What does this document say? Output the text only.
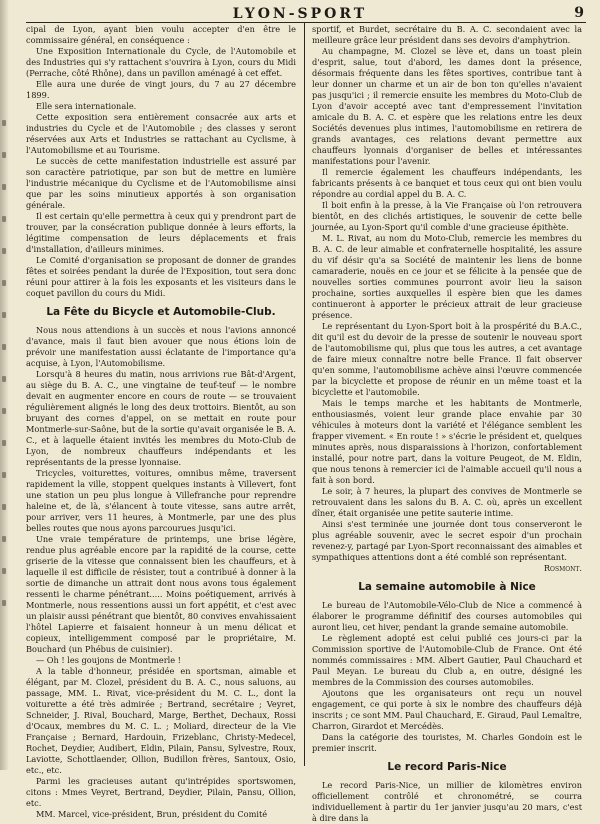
LYON-SPORT	9

cipal de Lyon, ayant bien voulu accepter d'en être le commissaire général, en conséquence :

Une Exposition Internationale du Cycle, de l'Automobile et des Industries qui s'y rattachent s'ouvrira à Lyon, cours du Midi (Perrache, côté Rhône), dans un pavillon aménagé à cet effet.

Elle aura une durée de vingt jours, du 7 au 27 décembre 1899.

Elle sera internationale.

Cette exposition sera entièrement consacrée aux arts et industries du Cycle et de l'Automobile ; des classes y seront réservées aux Arts et Industries se rattachant au Cyclisme, à l'Automobilisme et au Tourisme.

Le succès de cette manifestation industrielle est assuré par son caractère patriotique, par son but de mettre en lumière l'industrie mécanique du Cyclisme et de l'Automobilisme ainsi que par les soins minutieux apportés à son organisation générale.

Il est certain qu'elle permettra à ceux qui y prendront part de trouver, par la consécration publique donnée à leurs efforts, la légitime compensation de leurs déplacements et frais d'installation, d'ailleurs minimes.

Le Comité d'organisation se proposant de donner de grandes fêtes et soirées pendant la durée de l'Exposition, tout sera donc réuni pour attirer à la fois les exposants et les visiteurs dans le coquet pavillon du cours du Midi.

La Fête du Bicycle et Automobile-Club.

Nous nous attendions à un succès et nous l'avions annoncé d'avance, mais il faut bien avouer que nous étions loin de prévoir une manifestation aussi éclatante de l'importance qu'a acquise, à Lyon, l'Automobilisme.

Lorsqu'à 8 heures du matin, nous arrivions rue Bât-d'Argent, au siège du B. A. C., une vingtaine de teuf-teuf — le nombre devait en augmenter encore en cours de route — se trouvaient régulièrement alignés le long des deux trottoirs. Bientôt, au son bruyant des cornes d'appel, on se mettait en route pour Montmerle-sur-Saône, but de la sortie qu'avait organisée le B. A. C., et à laquelle étaient invités les membres du Moto-Club de Lyon, de nombreux chauffeurs indépendants et les représentants de la presse lyonnaise.

Tricycles, voiturettes, voitures, omnibus même, traversent rapidement la ville, stoppent quelques instants à Villevert, font une station un peu plus longue à Villefranche pour reprendre haleine et, de là, s'élancent à toute vitesse, sans autre arrêt, pour arriver, vers 11 heures, à Montmerle, par une des plus belles routes que nous ayons parcourues jusqu'ici.

Une vraie température de printemps, une brise légère, rendue plus agréable encore par la rapidité de la course, cette griserie de la vitesse que connaissent bien les chauffeurs, et à laquelle il est difficile de résister, tout a contribué à donner à la sortie de dimanche un attrait dont nous avons tous également ressenti le charme pénétrant..... Moins poétiquement, arrivés à Montmerle, nous ressentions aussi un fort appétit, et c'est avec un plaisir aussi pénétrant que bientôt, 80 convives envahissaient l'hôtel Lapierre et faisaient honneur à un menu délicat et copieux, intelligemment composé par le propriétaire, M. Bouchard (un Phébus de cuisinier).

— Oh ! les goujons de Montmerle !

A la table d'honneur, présidée en sportsman, aimable et élégant, par M. Clozel, président du B. A. C., nous saluons, au passage, MM. L. Rivat, vice-président du M. C. L., dont la voiturette a été très admirée ; Bertrand, secrétaire ; Veyret, Schneider, J. Rival, Bouchard, Marge, Berthet, Dechaux, Rossi d'Ocaux, membres du M. C. L. ; Moliard, directeur de la Vie Française ; Bernard, Hardouin, Frizeblanc, Christy-Medecel, Rochet, Deydier, Audibert, Eldin, Pilain, Pansu, Sylvestre, Roux, Laviotte, Schottlaender, Ollion, Budillon frères, Santoux, Osio, etc., etc.

Parmi les gracieuses autant qu'intrépides sportswomen, citons : Mmes Veyret, Bertrand, Deydier, Pilain, Pansu, Ollion, etc.

MM. Marcel, vice-président, Brun, président du Comité

sportif, et Burdet, secrétaire du B. A. C. secondaient avec la meilleure grâce leur président dans ses devoirs d'amphytrion.

Au champagne, M. Clozel se lève et, dans un toast plein d'esprit, salue, tout d'abord, les dames dont la présence, désormais fréquente dans les fêtes sportives, contribue tant à leur donner un charme et un air de bon ton qu'elles n'avaient pas jusqu'ici ; il remercie ensuite les membres du Moto-Club de Lyon d'avoir accepté avec tant d'empressement l'invitation amicale du B. A. C. et espère que les relations entre les deux Sociétés devenues plus intimes, l'automobilisme en retirera de grands avantages, ces relations devant permettre aux chauffeurs lyonnais d'organiser de belles et intéressantes manifestations pour l'avenir.

Il remercie également les chauffeurs indépendants, les fabricants présents à ce banquet et tous ceux qui ont bien voulu répondre au cordial appel du B. A. C.

Il boit enfin à la presse, à la Vie Française où l'on retrouvera bientôt, en des clichés artistiques, le souvenir de cette belle journée, au Lyon-Sport qu'il comble d'une gracieuse épithète.

M. L. Rivat, au nom du Moto-Club, remercie les membres du B. A. C. de leur aimable et confraternelle hospitalité, les assure du vif désir qu'a sa Société de maintenir les liens de bonne camaraderie, nouës en ce jour et se félicite à la pensée que de nouvelles sorties communes pourront avoir lieu la saison prochaine, sorties auxquelles il espère bien que les dames continueront à apporter le précieux attrait de leur gracieuse présence.

Le représentant du Lyon-Sport boit à la prospérité du B.A.C., dit qu'il est du devoir de la presse de soutenir le nouveau sport de l'automobilisme qui, plus que tous les autres, a cet avantage de faire mieux connaître notre belle France. Il fait observer qu'en somme, l'automobilisme achève ainsi l'œuvre commencée par la bicyclette et propose de réunir en un même toast et la bicyclette et l'automobile.

Mais le temps marche et les habitants de Montmerle, enthousiasmés, voient leur grande place envahie par 30 véhicules à moteurs dont la variété et l'élégance semblent les frapper vivement. « En route ! » s'écrie le président et, quelques minutes après, nous disparaissions à l'horizon, confortablement installé, pour notre part, dans la voiture Peugeot, de M. Eldin, que nous tenons à remercier ici de l'aimable accueil qu'il nous a fait à son bord.

Le soir, à 7 heures, la plupart des convives de Montmerle se retrouvaient dans les salons du B. A. C. où, après un excellent dîner, était organisée une petite sauterie intime.

Ainsi s'est terminée une journée dont tous conserveront le plus agréable souvenir, avec le secret espoir d'un prochain revenez-y, partagé par Lyon-Sport reconnaissant des aimables et sympathiques attentions dont a été comblé son représentant.

Rosmont.
La semaine automobile à Nice

Le bureau de l'Automobile-Vélo-Club de Nice a commencé à élaborer le programme définitif des courses automobiles qui auront lieu, cet hiver, pendant la grande semaine automobile.

Le règlement adopté est celui publié ces jours-ci par la Commission sportive de l'Automobile-Club de France. Ont été nommés commissaires : MM. Albert Gautier, Paul Chauchard et Paul Meyan. Le bureau du Club a, en outre, désigné les membres de la Commission des courses automobiles.

Ajoutons que les organisateurs ont reçu un nouvel engagement, ce qui porte à six le nombre des chauffeurs déjà inscrits ; ce sont MM. Paul Chauchard, E. Giraud, Paul Lemaître, Charron, Girardot et Mercédès.

Dans la catégorie des touristes, M. Charles Gondoin est le premier inscrit.

Le record Paris-Nice

Le record Paris-Nice, un millier de kilomètres environ officiellement contrôlé et chronométré, se courra individuellement à partir du 1er janvier jusqu'au 20 mars, c'est à dire dans la
